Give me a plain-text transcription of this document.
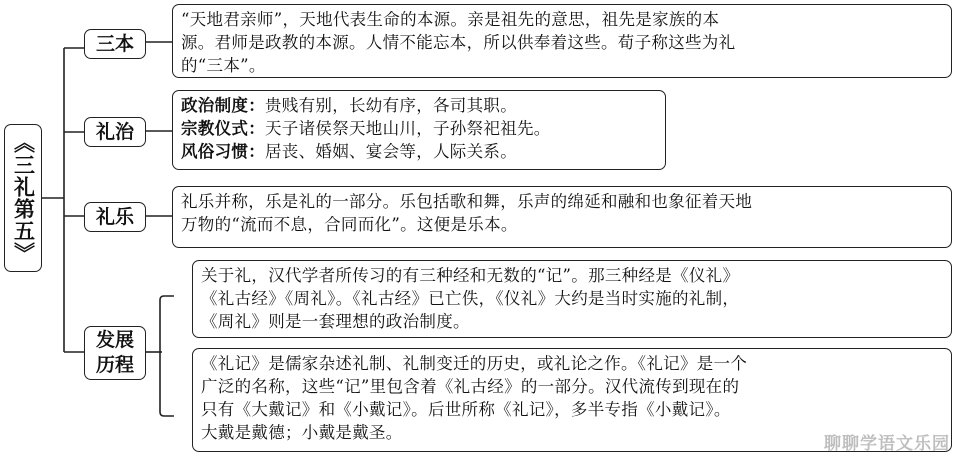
《三礼第五》
三本
“天地君亲师”，天地代表生命的本源。亲是祖先的意思，祖先是家族的本
源。君师是政教的本源。人情不能忘本，所以供奉着这些。荀子称这些为礼
的“三本”。
礼治
政治制度：贵贱有别，长幼有序，各司其职。
宗教仪式：天子诸侯祭天地山川，子孙祭祀祖先。
风俗习惯：居丧、婚姻、宴会等，人际关系。
礼乐
礼乐并称，乐是礼的一部分。乐包括歌和舞，乐声的绵延和融和也象征着天地
万物的“流而不息，合同而化”。这便是乐本。
发展
历程
关于礼，汉代学者所传习的有三种经和无数的“记”。那三种经是《仪礼》
《礼古经》《周礼》。《礼古经》已亡佚，《仪礼》大约是当时实施的礼制，
《周礼》则是一套理想的政治制度。
《礼记》是儒家杂述礼制、礼制变迁的历史，或礼论之作。《礼记》是一个
广泛的名称，这些“记”里包含着《礼古经》的一部分。汉代流传到现在的
只有《大戴记》和《小戴记》。后世所称《礼记》，多半专指《小戴记》。
大戴是戴德；小戴是戴圣。
聊聊学语文乐园
